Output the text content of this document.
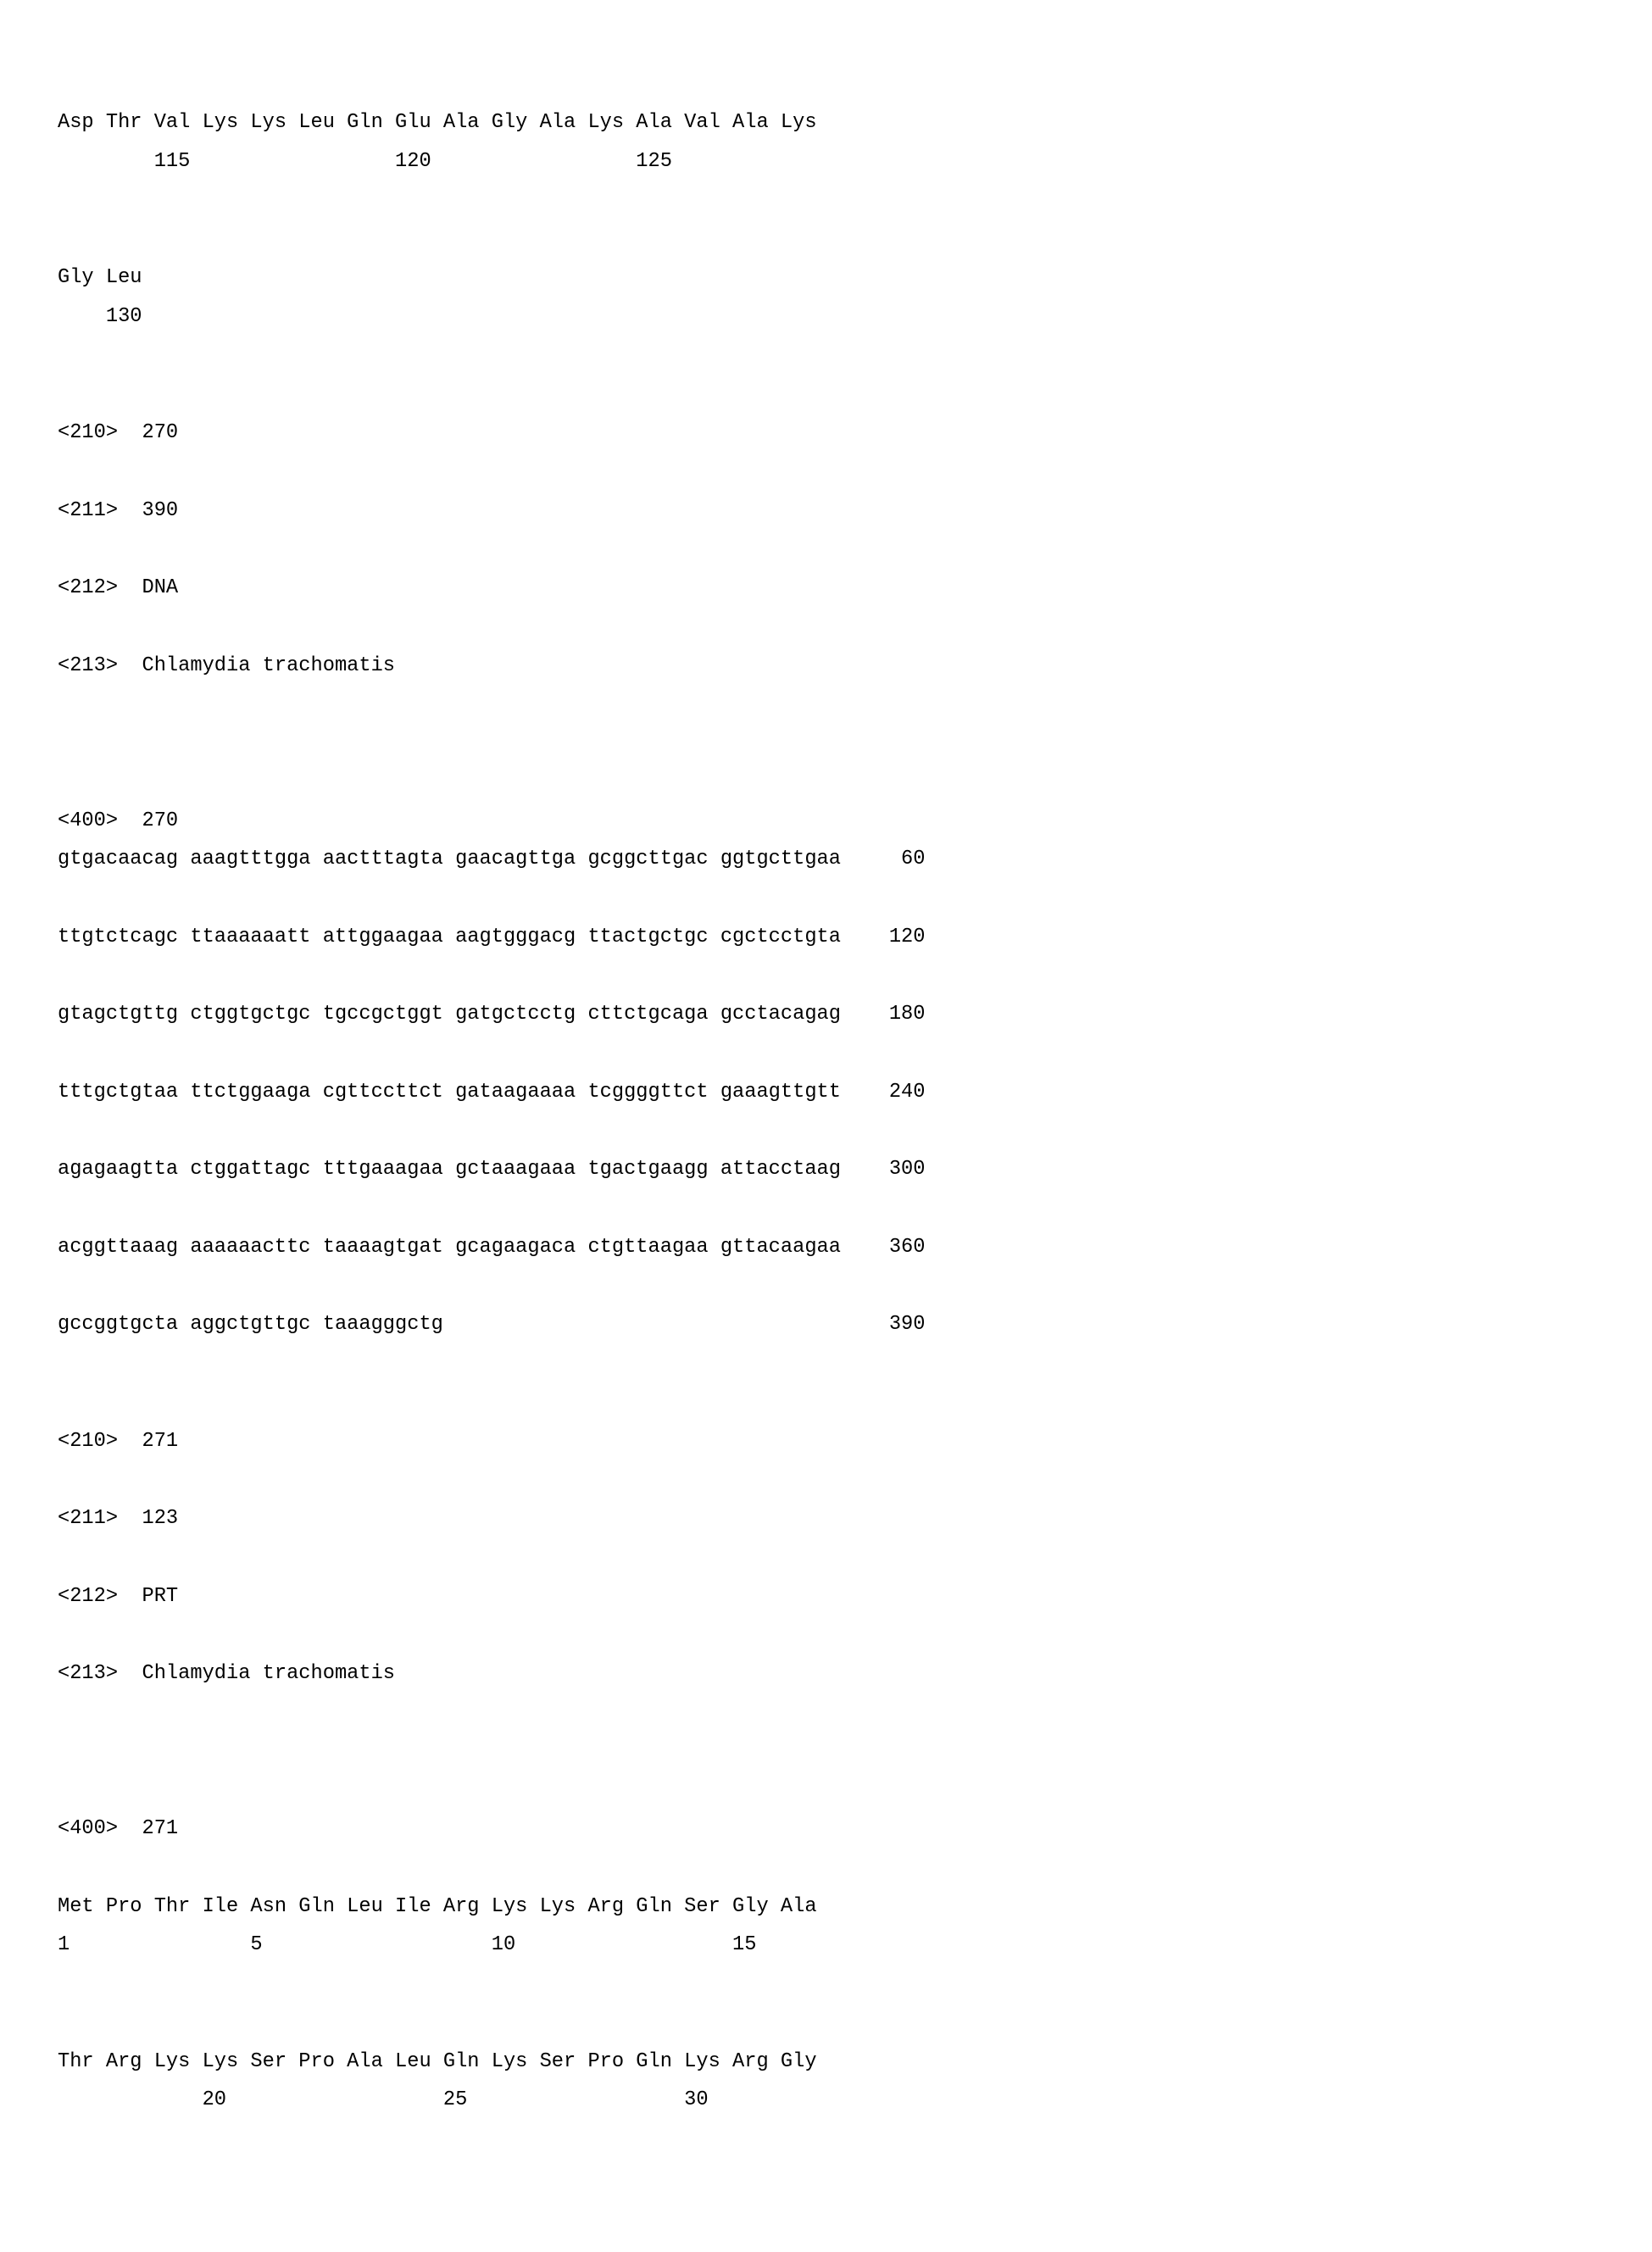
Asp Thr Val Lys Lys Leu Gln Glu Ala Gly Ala Lys Ala Val Ala Lys
115                 120                 125

Gly Leu
130

<210>  270

<211>  390

<212>  DNA

<213>  Chlamydia trachomatis

<400>  270
gtgacaacag aaagtttgga aactttagta gaacagttga gcggcttgac ggtgcttgaa     60

ttgtctcagc ttaaaaaatt attggaagaa aagtgggacg ttactgctgc cgctcctgta    120

gtagctgttg ctggtgctgc tgccgctggt gatgctcctg cttctgcaga gcctacagag    180

tttgctgtaa ttctggaaga cgttccttct gataagaaaa tcggggttct gaaagttgtt    240

agagaagtta ctggattagc tttgaaagaa gctaaagaaa tgactgaagg attacctaag    300

acggttaaag aaaaaacttc taaaagtgat gcagaagaca ctgttaagaa gttacaagaa    360

gccggtgcta aggctgttgc taaagggctg                                     390

<210>  271

<211>  123

<212>  PRT

<213>  Chlamydia trachomatis

<400>  271

Met Pro Thr Ile Asn Gln Leu Ile Arg Lys Lys Arg Gln Ser Gly Ala
1               5                   10                  15

Thr Arg Lys Lys Ser Pro Ala Leu Gln Lys Ser Pro Gln Lys Arg Gly
20                  25                  30
